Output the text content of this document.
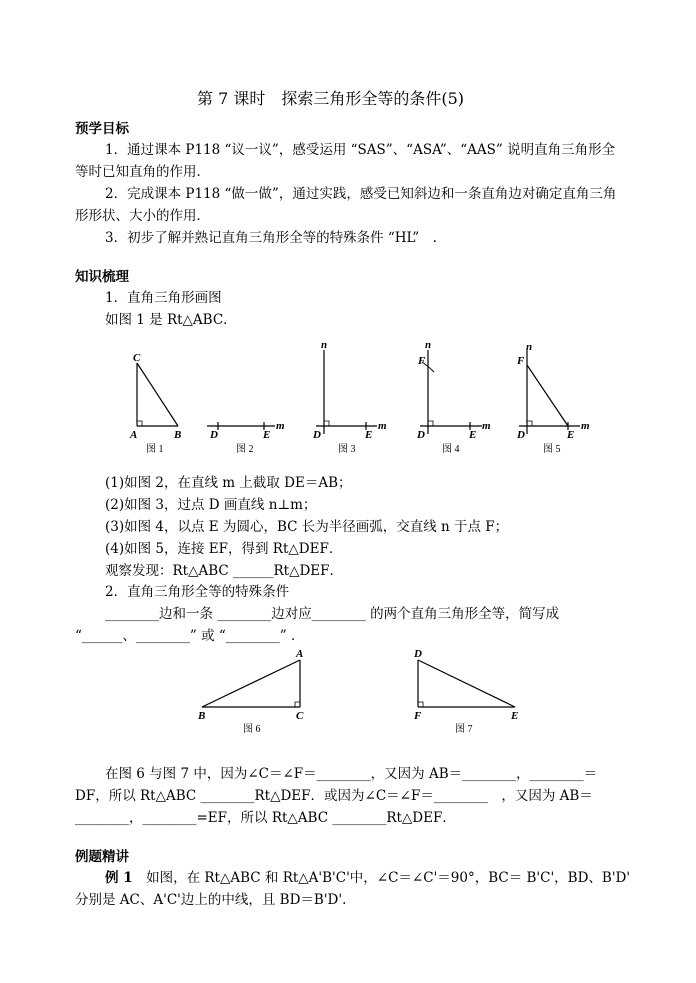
第 7 课时　探索三角形全等的条件(5)
预学目标
1．通过课本 P118 “议一议”，感受运用 “SAS”、“ASA”、“AAS” 说明直角三角形全
等时已知直角的作用．
2．完成课本 P118 “做一做”，通过实践，感受已知斜边和一条直角边对确定直角三角
形形状、大小的作用．
3．初步了解并熟记直角三角形全等的特殊条件 “HL”　.
知识梳理
1．直角三角形画图
如图 1 是 Rt△ABC．
C
A	B	D	E
m
n
D	E
m
n
F
D	E
m
n
F
D	E
m
图 1	图 2	图 3	图 4	图 5
(1)如图 2，在直线 m 上截取 DE＝AB；
(2)如图 3，过点 D 画直线 n⊥m；
(3)如图 4，以点 E 为圆心，BC 长为半径画弧，交直线 n 于点 F；
(4)如图 5，连接 EF，得到 Rt△DEF．
观察发现：Rt△ABC ______Rt△DEF．
2．直角三角形全等的特殊条件
________边和一条 ________边对应________ 的两个直角三角形全等，简写成
“______、________” 或 “________” ．
A
B	C
D
F	E
图 6	图 7
在图 6 与图 7 中，因为∠C＝∠F＝________，又因为 AB＝________，________＝
DF，所以 Rt△ABC ________Rt△DEF．或因为∠C＝∠F＝________　，又因为 AB＝
________，________=EF，所以 Rt△ABC ________Rt△DEF．
例题精讲
例 1　如图，在 Rt△ABC 和 Rt△A'B'C'中，∠C＝∠C'＝90°，BC＝ B'C'，BD、B'D'
分别是 AC、A'C'边上的中线，且 BD＝B'D'.
